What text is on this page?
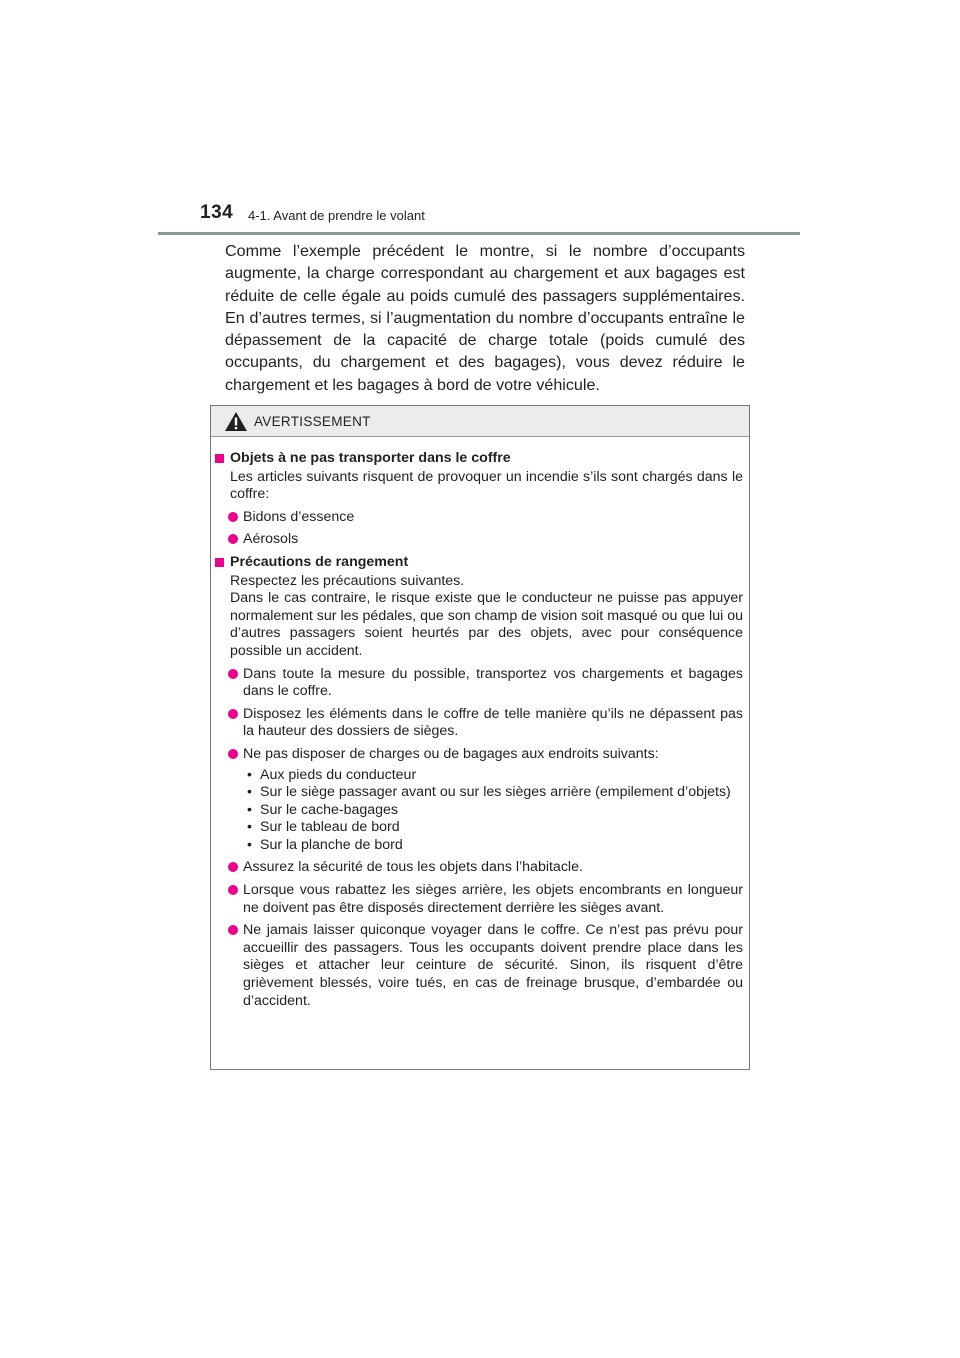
134 4-1. Avant de prendre le volant

Comme l’exemple précédent le montre, si le nombre d’occupants augmente, la charge correspondant au chargement et aux bagages est réduite de celle égale au poids cumulé des passagers supplémentaires. En d’autres termes, si l’augmentation du nombre d’occupants entraîne le dépassement de la capacité de charge totale (poids cumulé des occupants, du chargement et des bagages), vous devez réduire le chargement et les bagages à bord de votre véhicule.

AVERTISSEMENT
Objets à ne pas transporter dans le coffre

Les articles suivants risquent de provoquer un incendie s’ils sont chargés dans le coffre:

Bidons d’essence
Aérosols
Précautions de rangement

Respectez les précautions suivantes.

Dans le cas contraire, le risque existe que le conducteur ne puisse pas appuyer normalement sur les pédales, que son champ de vision soit masqué ou que lui ou d’autres passagers soient heurtés par des objets, avec pour conséquence possible un accident.

Dans toute la mesure du possible, transportez vos chargements et bagages dans le coffre.
Disposez les éléments dans le coffre de telle manière qu’ils ne dépassent pas la hauteur des dossiers de sièges.
Ne pas disposer de charges ou de bagages aux endroits suivants:
• Aux pieds du conducteur
• Sur le siège passager avant ou sur les sièges arrière (empilement d’objets)
• Sur le cache-bagages
• Sur le tableau de bord
• Sur la planche de bord
Assurez la sécurité de tous les objets dans l’habitacle.
Lorsque vous rabattez les sièges arrière, les objets encombrants en longueur ne doivent pas être disposés directement derrière les sièges avant.
Ne jamais laisser quiconque voyager dans le coffre. Ce n’est pas prévu pour accueillir des passagers. Tous les occupants doivent prendre place dans les sièges et attacher leur ceinture de sécurité. Sinon, ils risquent d’être grièvement blessés, voire tués, en cas de freinage brusque, d’embardée ou d’accident.
